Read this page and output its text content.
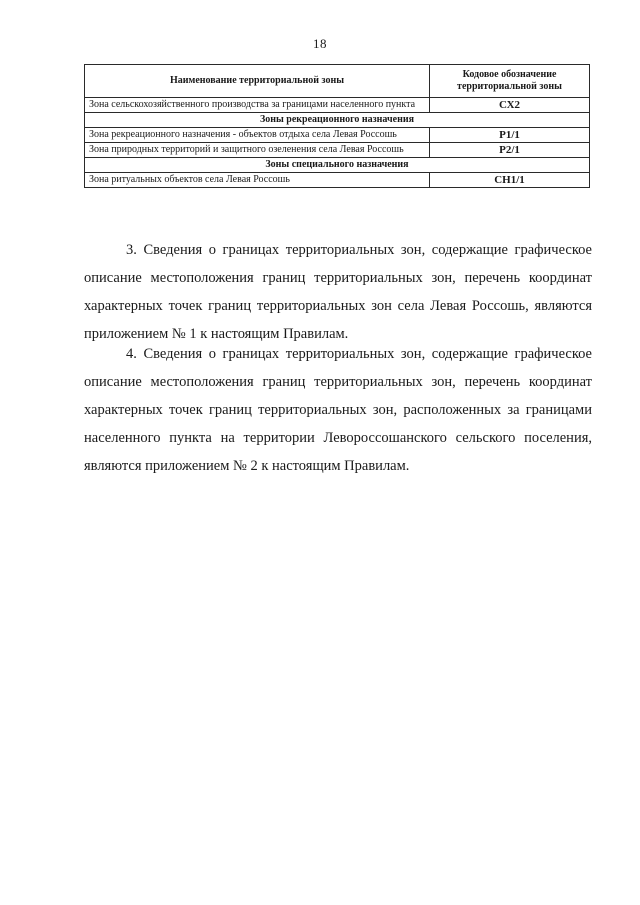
18
Наименование территориальной зоны	Кодовое обозначение территориальной зоны
Зона сельскохозяйственного производства за границами населенного пункта	СХ2
Зоны рекреационного назначения	
Зона рекреационного назначения - объектов отдыха села Левая Россошь	Р1/1
Зона природных территорий и защитного озеленения села Левая Россошь	Р2/1
Зоны специального назначения	
Зона ритуальных объектов села Левая Россошь	СН1/1

3. Сведения о границах территориальных зон, содержащие графическое описание местоположения границ территориальных зон, перечень координат характерных точек границ территориальных зон села Левая Россошь, являются приложением № 1 к настоящим Правилам.

4. Сведения о границах территориальных зон, содержащие графическое описание местоположения границ территориальных зон, перечень координат характерных точек границ территориальных зон, расположенных за границами населенного пункта на территории Левороссошанского сельского поселения, являются приложением № 2 к настоящим Правилам.
